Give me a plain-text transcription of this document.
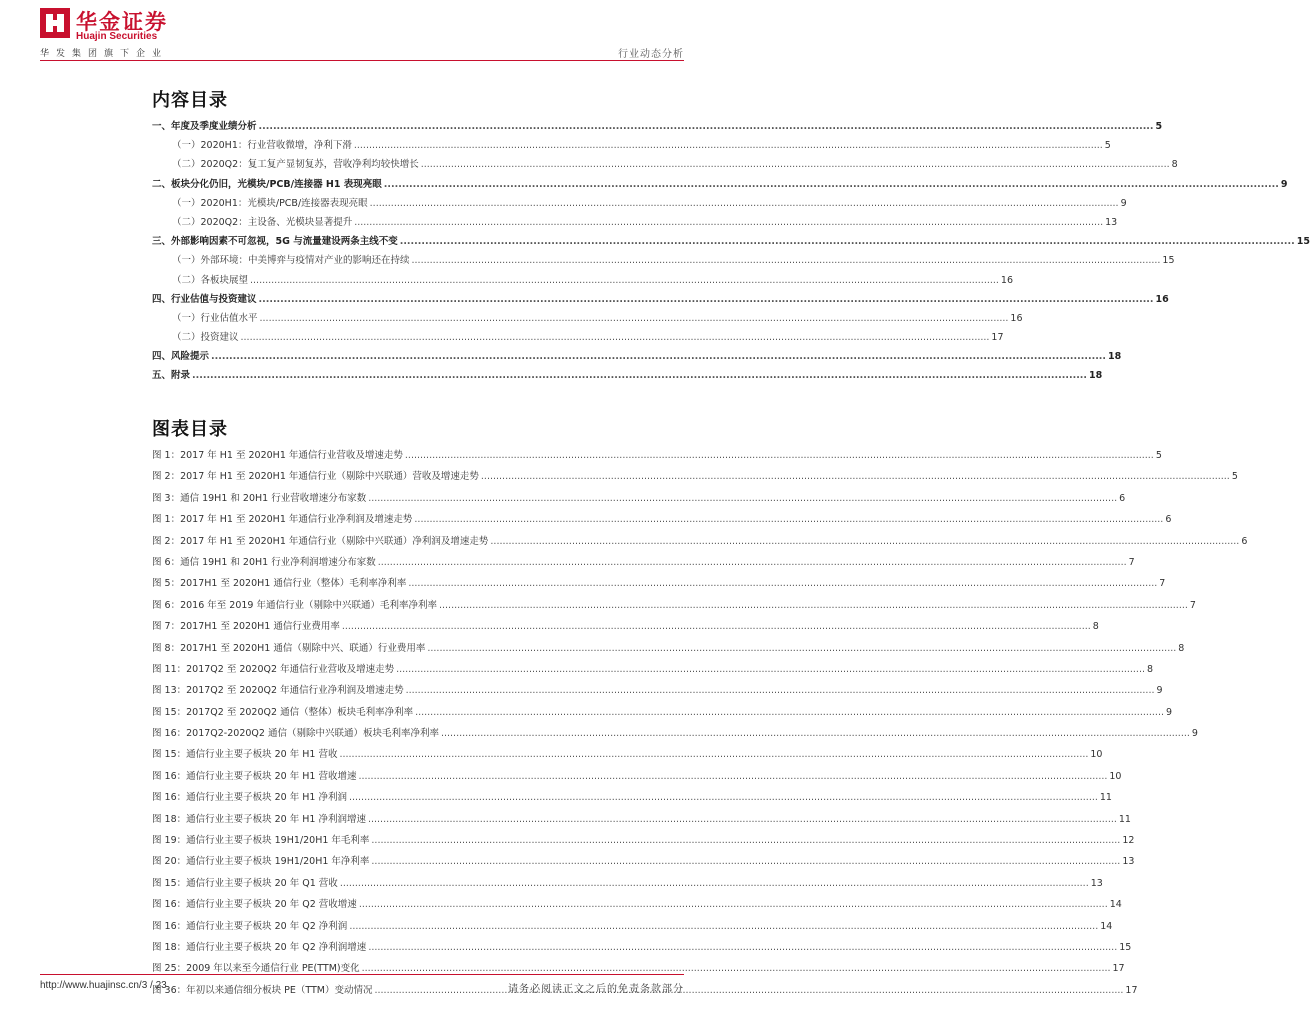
华金证券
Huajin Securities
华发集团旗下企业	行业动态分析
内容目录
一、年度及季度业绩分析 .....	5
（一）2020H1：行业营收微增，净利下滑 .....	5
（二）2020Q2：复工复产显韧复苏，营收净利均较快增长 .....	8
二、板块分化仍旧，光模块/PCB/连接器 H1 表现亮眼 .....	9
（一）2020H1：光模块/PCB/连接器表现亮眼 .....	9
（二）2020Q2：主设备、光模块显著提升 .....	13
三、外部影响因素不可忽视，5G 与流量建设两条主线不变 .....	15
（一）外部环境：中美博弈与疫情对产业的影响还在持续 .....	15
（二）各板块展望 .....	16
四、行业估值与投资建议 .....	16
（一）行业估值水平 .....	16
（二）投资建议 .....	17
四、风险提示 .....	18
五、附录 .....	18
图表目录
图 1：2017 年 H1 至 2020H1 年通信行业营收及增速走势 .....	5
图 2：2017 年 H1 至 2020H1 年通信行业（剔除中兴联通）营收及增速走势 .....	5
图 3：通信 19H1 和 20H1 行业营收增速分布家数 .....	6
图 1：2017 年 H1 至 2020H1 年通信行业净利润及增速走势 .....	6
图 2：2017 年 H1 至 2020H1 年通信行业（剔除中兴联通）净利润及增速走势 .....	6
图 6：通信 19H1 和 20H1 行业净利润增速分布家数 .....	7
图 5：2017H1 至 2020H1 通信行业（整体）毛利率净利率 .....	7
图 6：2016 年至 2019 年通信行业（剔除中兴联通）毛利率净利率 .....	7
图 7：2017H1 至 2020H1 通信行业费用率 .....	8
图 8：2017H1 至 2020H1 通信（剔除中兴、联通）行业费用率 .....	8
图 11：2017Q2 至 2020Q2 年通信行业营收及增速走势 .....	8
图 13：2017Q2 至 2020Q2 年通信行业净利润及增速走势 .....	9
图 15：2017Q2 至 2020Q2 通信（整体）板块毛利率净利率 .....	9
图 16：2017Q2-2020Q2 通信（剔除中兴联通）板块毛利率净利率 .....	9
图 15：通信行业主要子板块 20 年 H1 营收 .....	10
图 16：通信行业主要子板块 20 年 H1 营收增速 .....	10
图 16：通信行业主要子板块 20 年 H1 净利润 .....	11
图 18：通信行业主要子板块 20 年 H1 净利润增速 .....	11
图 19：通信行业主要子板块 19H1/20H1 年毛利率 .....	12
图 20：通信行业主要子板块 19H1/20H1 年净利率 .....	13
图 15：通信行业主要子板块 20 年 Q1 营收 .....	13
图 16：通信行业主要子板块 20 年 Q2 营收增速 .....	14
图 16：通信行业主要子板块 20 年 Q2 净利润 .....	14
图 18：通信行业主要子板块 20 年 Q2 净利润增速 .....	15
图 25：2009 年以来至今通信行业 PE(TTM)变化 .....	17
图 36：年初以来通信细分板块 PE（TTM）变动情况 .....	17
http://www.huajinsc.cn/3 / 23	请务必阅读正文之后的免责条款部分
